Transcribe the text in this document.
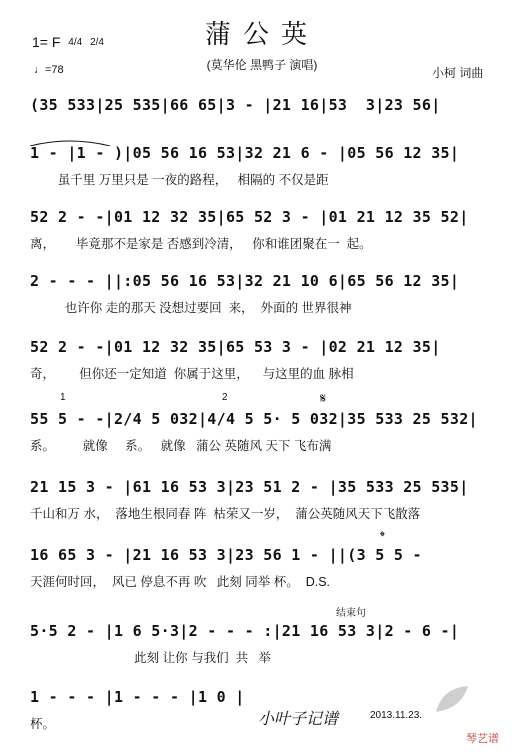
蒲公英
(莫华伦 黑鸭子 演唱)
1= F 4/4 2/4
♩=78	小柯 词曲
(35 533|25 535|66 65|3 - |21 16|53  3|23 56|
1 - |1 - )|05 56 16 53|32 21 6 - |05 56 12 35|
虽千里 万里只是 一夜的路程，   相隔的 不仅是距
52 2 - -|01 12 32 35|65 52 3 - |01 21 12 35 52|
离，      毕竟那不是家是 否感到冷清，   你和谁团聚在一  起。
2 - - - ||:05 56 16 53|32 21 10 6|65 56 12 35|
也许你 走的那天 没想过要回  来，  外面的 世界很神
52 2 - -|01 12 32 35|65 53 3 - |02 21 12 35|
奇，       但你还一定知道  你属于这里，    与这里的血 脉相
1	2	𝄋
55 5 - -|2/4 5 032|4/4 5 5· 5 032|35 533 25 532|
系。        就像     系。   就像   蒲公 英随风 天下 飞布满
21 15 3 - |61 16 53 3|23 51 2 - |35 533 25 535|
千山和万 水，  落地生根同春 阵  枯荣又一岁，  蒲公英随风天下飞散落
𝄌
16 65 3 - |21 16 53 3|23 56 1 - ||(3 5 5 -
天涯何时回，  风已 停息不再 吹   此刻 同举 杯。  D.S.
结束句
5·5 2 - |1 6 5·3|2 - - - :|21 16 53 3|2 - 6 -|
此刻 让你 与我们  共   举
1 - - - |1 - - - |1 0 |
杯。	小叶子记谱	2013.11.23.
琴艺谱
